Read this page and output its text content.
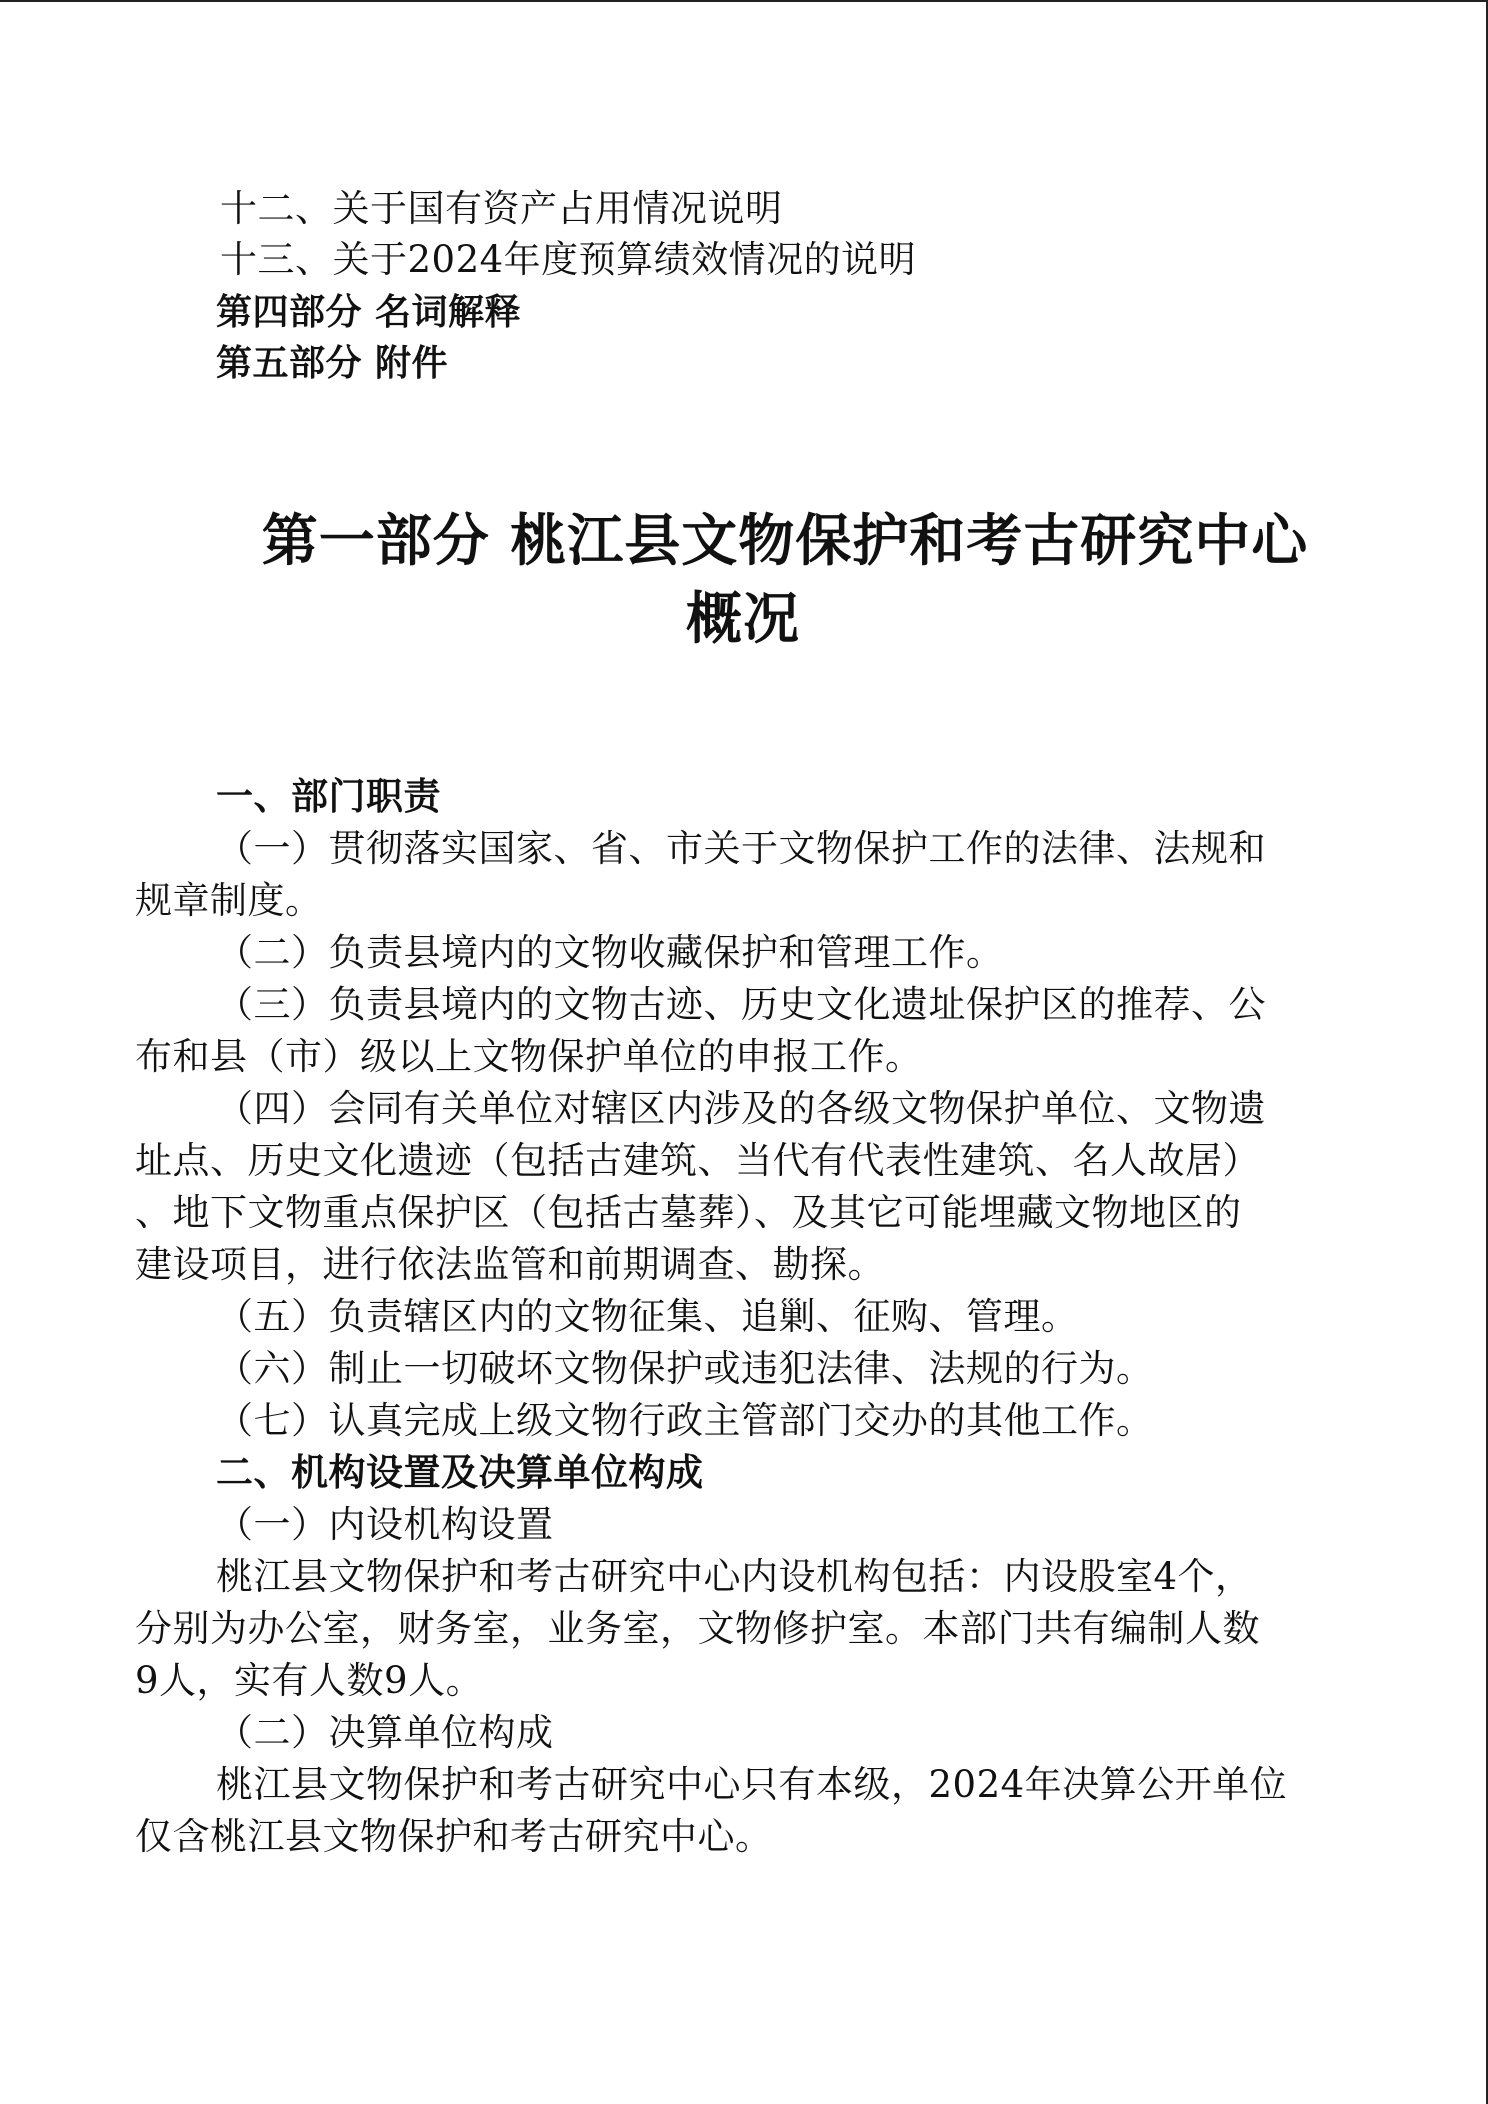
十二、关于国有资产占用情况说明
十三、关于2024年度预算绩效情况的说明
第四部分 名词解释
第五部分 附件
第一部分 桃江县文物保护和考古研究中心
概况
一、部门职责
（一）贯彻落实国家、省、市关于文物保护工作的法律、法规和
规章制度。
（二）负责县境内的文物收藏保护和管理工作。
（三）负责县境内的文物古迹、历史文化遗址保护区的推荐、公
布和县（市）级以上文物保护单位的申报工作。
（四）会同有关单位对辖区内涉及的各级文物保护单位、文物遗
址点、历史文化遗迹（包括古建筑、当代有代表性建筑、名人故居）
、地下文物重点保护区（包括古墓葬）、及其它可能埋藏文物地区的
建设项目，进行依法监管和前期调查、勘探。
（五）负责辖区内的文物征集、追剿、征购、管理。
（六）制止一切破坏文物保护或违犯法律、法规的行为。
（七）认真完成上级文物行政主管部门交办的其他工作。
二、机构设置及决算单位构成
（一）内设机构设置
桃江县文物保护和考古研究中心内设机构包括：内设股室4个，
分别为办公室，财务室，业务室，文物修护室。本部门共有编制人数
9人，实有人数9人。
（二）决算单位构成
桃江县文物保护和考古研究中心只有本级，2024年决算公开单位
仅含桃江县文物保护和考古研究中心。
